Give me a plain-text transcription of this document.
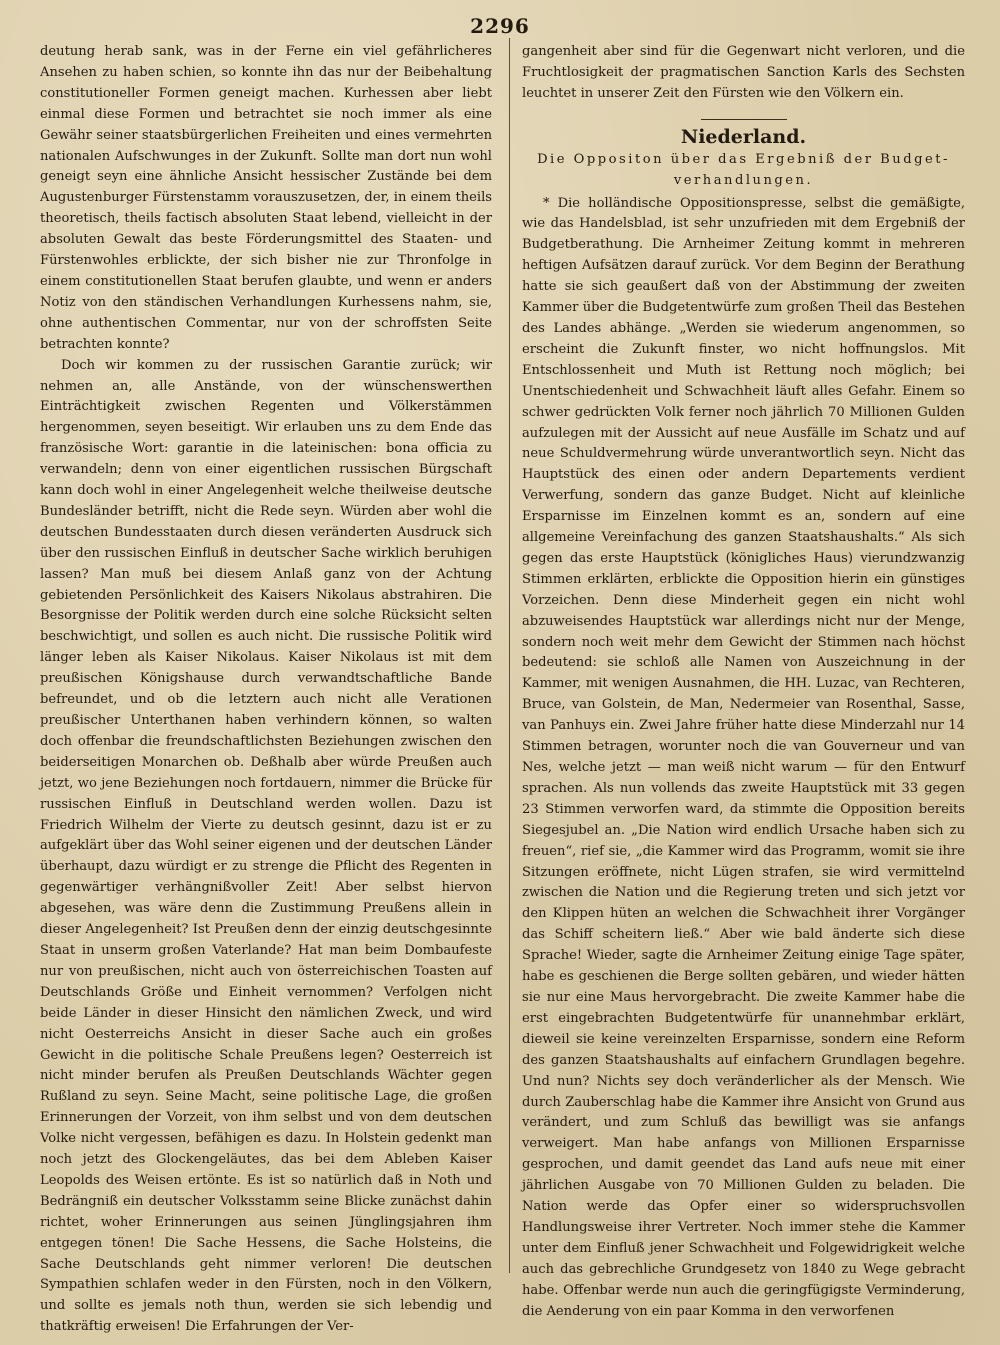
2296

deutung herab sank, was in der Ferne ein viel gefährlicheres Ansehen zu haben schien, so konnte ihn das nur der Beibehaltung constitutioneller Formen geneigt machen. Kurhessen aber liebt einmal diese Formen und betrachtet sie noch immer als eine Gewähr seiner staatsbürgerlichen Freiheiten und eines vermehrten nationalen Aufschwunges in der Zukunft. Sollte man dort nun wohl geneigt seyn eine ähnliche Ansicht hessischer Zustände bei dem Augustenburger Fürstenstamm vorauszusetzen, der, in einem theils theoretisch, theils factisch absoluten Staat lebend, vielleicht in der absoluten Gewalt das beste Förderungsmittel des Staaten- und Fürstenwohles erblickte, der sich bisher nie zur Thronfolge in einem constitutionellen Staat berufen glaubte, und wenn er anders Notiz von den ständischen Verhandlungen Kurhessens nahm, sie, ohne authentischen Commentar, nur von der schroffsten Seite betrachten konnte?

Doch wir kommen zu der russischen Garantie zurück; wir nehmen an, alle Anstände, von der wünschenswerthen Einträchtigkeit zwischen Regenten und Völkerstämmen hergenommen, seyen beseitigt. Wir erlauben uns zu dem Ende das französische Wort: garantie in die lateinischen: bona officia zu verwandeln; denn von einer eigentlichen russischen Bürgschaft kann doch wohl in einer Angelegenheit welche theilweise deutsche Bundesländer betrifft, nicht die Rede seyn. Würden aber wohl die deutschen Bundesstaaten durch diesen veränderten Ausdruck sich über den russischen Einfluß in deutscher Sache wirklich beruhigen lassen? Man muß bei diesem Anlaß ganz von der Achtung gebietenden Persönlichkeit des Kaisers Nikolaus abstrahiren. Die Besorgnisse der Politik werden durch eine solche Rücksicht selten beschwichtigt, und sollen es auch nicht. Die russische Politik wird länger leben als Kaiser Nikolaus. Kaiser Nikolaus ist mit dem preußischen Königshause durch verwandtschaftliche Bande befreundet, und ob die letztern auch nicht alle Verationen preußischer Unterthanen haben verhindern können, so walten doch offenbar die freundschaftlichsten Beziehungen zwischen den beiderseitigen Monarchen ob. Deßhalb aber würde Preußen auch jetzt, wo jene Beziehungen noch fortdauern, nimmer die Brücke für russischen Einfluß in Deutschland werden wollen. Dazu ist Friedrich Wilhelm der Vierte zu deutsch gesinnt, dazu ist er zu aufgeklärt über das Wohl seiner eigenen und der deutschen Länder überhaupt, dazu würdigt er zu strenge die Pflicht des Regenten in gegenwärtiger verhängnißvoller Zeit! Aber selbst hiervon abgesehen, was wäre denn die Zustimmung Preußens allein in dieser Angelegenheit? Ist Preußen denn der einzig deutschgesinnte Staat in unserm großen Vaterlande? Hat man beim Dombaufeste nur von preußischen, nicht auch von österreichischen Toasten auf Deutschlands Größe und Einheit vernommen? Verfolgen nicht beide Länder in dieser Hinsicht den nämlichen Zweck, und wird nicht Oesterreichs Ansicht in dieser Sache auch ein großes Gewicht in die politische Schale Preußens legen? Oesterreich ist nicht minder berufen als Preußen Deutschlands Wächter gegen Rußland zu seyn. Seine Macht, seine politische Lage, die großen Erinnerungen der Vorzeit, von ihm selbst und von dem deutschen Volke nicht vergessen, befähigen es dazu. In Holstein gedenkt man noch jetzt des Glockengeläutes, das bei dem Ableben Kaiser Leopolds des Weisen ertönte. Es ist so natürlich daß in Noth und Bedrängniß ein deutscher Volksstamm seine Blicke zunächst dahin richtet, woher Erinnerungen aus seinen Jünglingsjahren ihm entgegen tönen! Die Sache Hessens, die Sache Holsteins, die Sache Deutschlands geht nimmer verloren! Die deutschen Sympathien schlafen weder in den Fürsten, noch in den Völkern, und sollte es jemals noth thun, werden sie sich lebendig und thatkräftig erweisen! Die Erfahrungen der Ver-

gangenheit aber sind für die Gegenwart nicht verloren, und die Fruchtlosigkeit der pragmatischen Sanction Karls des Sechsten leuchtet in unserer Zeit den Fürsten wie den Völkern ein.

Niederland.
Die Oppositon über das Ergebniß der Budget-
verhandlungen.

* Die holländische Oppositionspresse, selbst die gemäßigte, wie das Handelsblad, ist sehr unzufrieden mit dem Ergebniß der Budgetberathung. Die Arnheimer Zeitung kommt in mehreren heftigen Aufsätzen darauf zurück. Vor dem Beginn der Berathung hatte sie sich geaußert daß von der Abstimmung der zweiten Kammer über die Budgetentwürfe zum großen Theil das Bestehen des Landes abhänge. „Werden sie wiederum angenommen, so erscheint die Zukunft finster, wo nicht hoffnungslos. Mit Entschlossenheit und Muth ist Rettung noch möglich; bei Unentschiedenheit und Schwachheit läuft alles Gefahr. Einem so schwer gedrückten Volk ferner noch jährlich 70 Millionen Gulden aufzulegen mit der Aussicht auf neue Ausfälle im Schatz und auf neue Schuldvermehrung würde unverantwortlich seyn. Nicht das Hauptstück des einen oder andern Departements verdient Verwerfung, sondern das ganze Budget. Nicht auf kleinliche Ersparnisse im Einzelnen kommt es an, sondern auf eine allgemeine Vereinfachung des ganzen Staatshaushalts.“ Als sich gegen das erste Hauptstück (königliches Haus) vierundzwanzig Stimmen erklärten, erblickte die Opposition hierin ein günstiges Vorzeichen. Denn diese Minderheit gegen ein nicht wohl abzuweisendes Hauptstück war allerdings nicht nur der Menge, sondern noch weit mehr dem Gewicht der Stimmen nach höchst bedeutend: sie schloß alle Namen von Auszeichnung in der Kammer, mit wenigen Ausnahmen, die HH. Luzac, van Rechteren, Bruce, van Golstein, de Man, Nedermeier van Rosenthal, Sasse, van Panhuys ein. Zwei Jahre früher hatte diese Minderzahl nur 14 Stimmen betragen, worunter noch die van Gouverneur und van Nes, welche jetzt — man weiß nicht warum — für den Entwurf sprachen. Als nun vollends das zweite Hauptstück mit 33 gegen 23 Stimmen verworfen ward, da stimmte die Opposition bereits Siegesjubel an. „Die Nation wird endlich Ursache haben sich zu freuen“, rief sie, „die Kammer wird das Programm, womit sie ihre Sitzungen eröffnete, nicht Lügen strafen, sie wird vermittelnd zwischen die Nation und die Regierung treten und sich jetzt vor den Klippen hüten an welchen die Schwachheit ihrer Vorgänger das Schiff scheitern ließ.“ Aber wie bald änderte sich diese Sprache! Wieder, sagte die Arnheimer Zeitung einige Tage später, habe es geschienen die Berge sollten gebären, und wieder hätten sie nur eine Maus hervorgebracht. Die zweite Kammer habe die erst eingebrachten Budgetentwürfe für unannehmbar erklärt, dieweil sie keine vereinzelten Ersparnisse, sondern eine Reform des ganzen Staatshaushalts auf einfachern Grundlagen begehre. Und nun? Nichts sey doch veränderlicher als der Mensch. Wie durch Zauberschlag habe die Kammer ihre Ansicht von Grund aus verändert, und zum Schluß das bewilligt was sie anfangs verweigert. Man habe anfangs von Millionen Ersparnisse gesprochen, und damit geendet das Land aufs neue mit einer jährlichen Ausgabe von 70 Millionen Gulden zu beladen. Die Nation werde das Opfer einer so widerspruchsvollen Handlungsweise ihrer Vertreter. Noch immer stehe die Kammer unter dem Einfluß jener Schwachheit und Folgewidrigkeit welche auch das gebrechliche Grundgesetz von 1840 zu Wege gebracht habe. Offenbar werde nun auch die geringfügigste Verminderung, die Aenderung von ein paar Komma in den verworfenen
